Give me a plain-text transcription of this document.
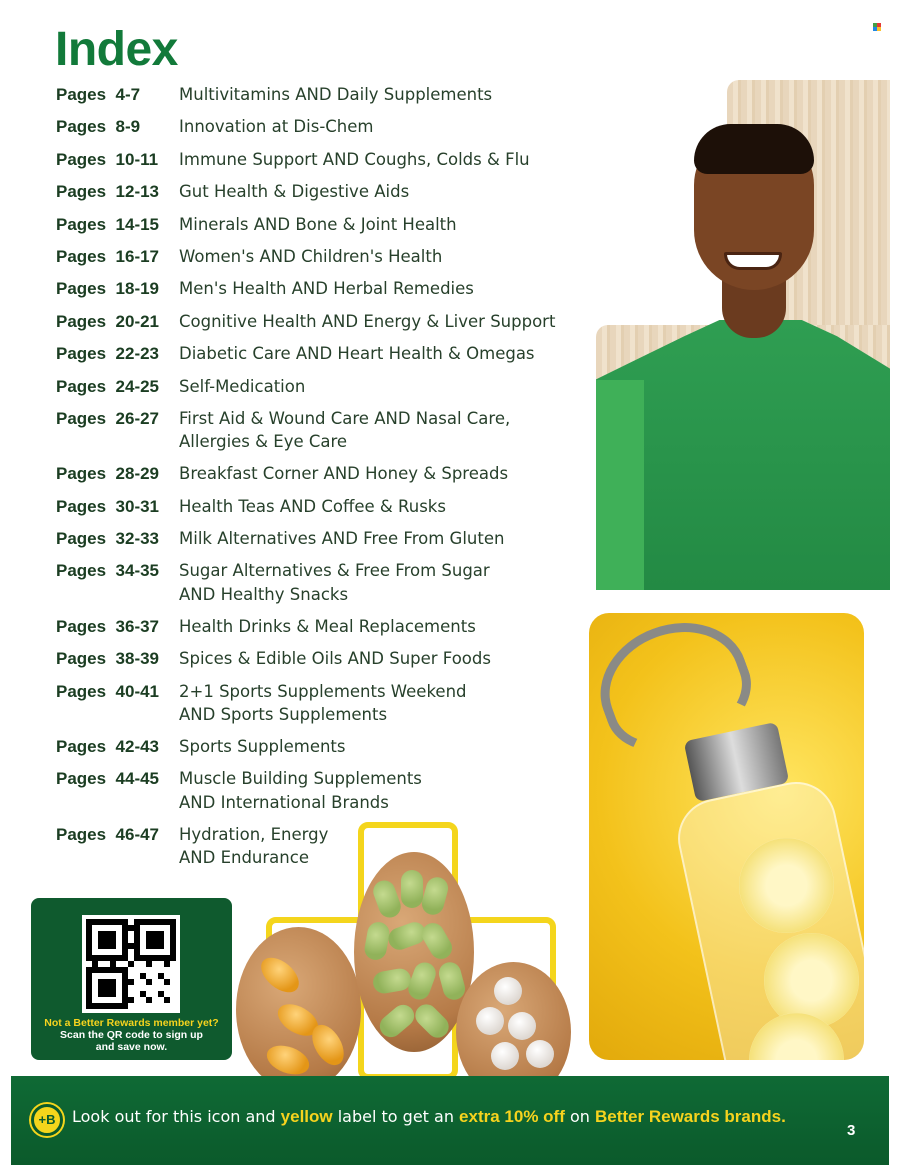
Index
Pages  4-7	Multivitamins AND Daily Supplements
Pages  8-9	Innovation at Dis-Chem
Pages  10-11	Immune Support AND Coughs, Colds & Flu
Pages  12-13	Gut Health & Digestive Aids
Pages  14-15	Minerals AND Bone & Joint Health
Pages  16-17	Women's AND Children's Health
Pages  18-19	Men's Health AND Herbal Remedies
Pages  20-21	Cognitive Health AND Energy & Liver Support
Pages  22-23	Diabetic Care AND Heart Health & Omegas
Pages  24-25	Self-Medication
Pages  26-27	First Aid & Wound Care AND Nasal Care,
Allergies & Eye Care
Pages  28-29	Breakfast Corner AND Honey & Spreads
Pages  30-31	Health Teas AND Coffee & Rusks
Pages  32-33	Milk Alternatives AND Free From Gluten
Pages  34-35	Sugar Alternatives & Free From Sugar
AND Healthy Snacks
Pages  36-37	Health Drinks & Meal Replacements
Pages  38-39	Spices & Edible Oils AND Super Foods
Pages  40-41	2+1 Sports Supplements Weekend
AND Sports Supplements
Pages  42-43	Sports Supplements
Pages  44-45	Muscle Building Supplements
AND International Brands
Pages  46-47	Hydration, Energy
AND Endurance
Not a Better Rewards member yet?
Scan the QR code to sign up
and save now.
+B	Look out for this icon and yellow label to get an extra 10% off on Better Rewards brands.
3
